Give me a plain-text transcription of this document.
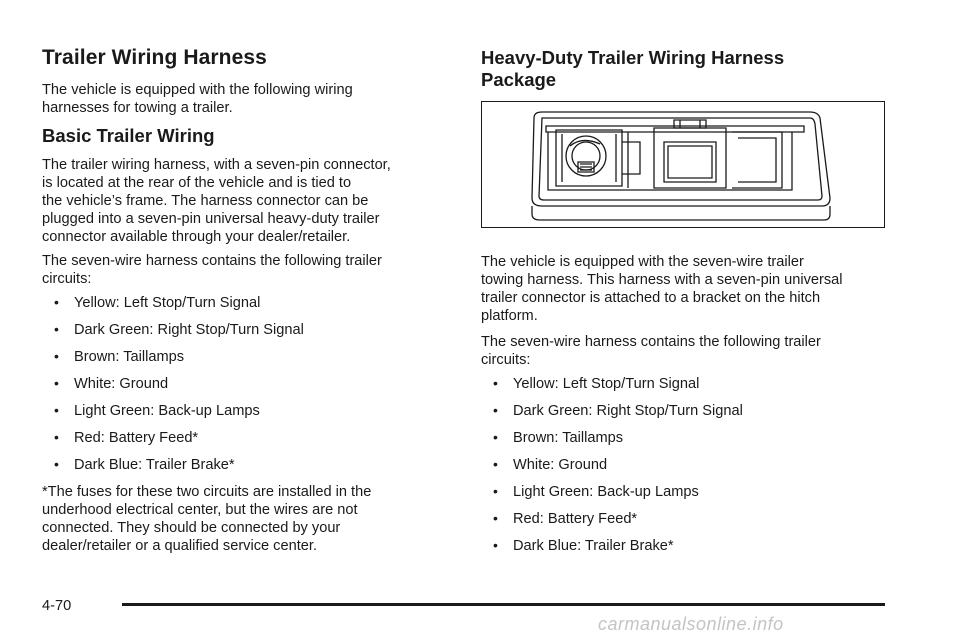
Trailer Wiring Harness

The vehicle is equipped with the following wiring
harnesses for towing a trailer.

Basic Trailer Wiring

The trailer wiring harness, with a seven-pin connector,
is located at the rear of the vehicle and is tied to
the vehicle’s frame. The harness connector can be
plugged into a seven-pin universal heavy-duty trailer
connector available through your dealer/retailer.

The seven-wire harness contains the following trailer
circuits:

• Yellow: Left Stop/Turn Signal
• Dark Green: Right Stop/Turn Signal
• Brown: Taillamps
• White: Ground
• Light Green: Back-up Lamps
• Red: Battery Feed*
• Dark Blue: Trailer Brake*

*The fuses for these two circuits are installed in the
underhood electrical center, but the wires are not
connected. They should be connected by your
dealer/retailer or a qualified service center.

Heavy-Duty Trailer Wiring Harness
Package

The vehicle is equipped with the seven-wire trailer
towing harness. This harness with a seven-pin universal
trailer connector is attached to a bracket on the hitch
platform.

The seven-wire harness contains the following trailer
circuits:

• Yellow: Left Stop/Turn Signal
• Dark Green: Right Stop/Turn Signal
• Brown: Taillamps
• White: Ground
• Light Green: Back-up Lamps
• Red: Battery Feed*
• Dark Blue: Trailer Brake*
4-70
carmanualsonline.info
